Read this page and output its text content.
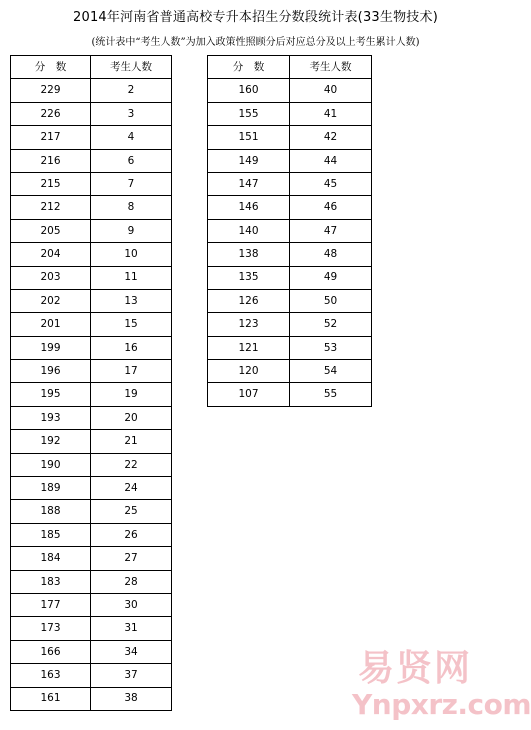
2014年河南省普通高校专升本招生分数段统计表(33生物技术)
(统计表中“考生人数”为加入政策性照顾分后对应总分及以上考生累计人数)
分　数	考生人数
229	2
226	3
217	4
216	6
215	7
212	8
205	9
204	10
203	11
202	13
201	15
199	16
196	17
195	19
193	20
192	21
190	22
189	24
188	25
185	26
184	27
183	28
177	30
173	31
166	34
163	37
161	38
分　数	考生人数
160	40
155	41
151	42
149	44
147	45
146	46
140	47
138	48
135	49
126	50
123	52
121	53
120	54
107	55
易贤网
Ynpxrz.com
